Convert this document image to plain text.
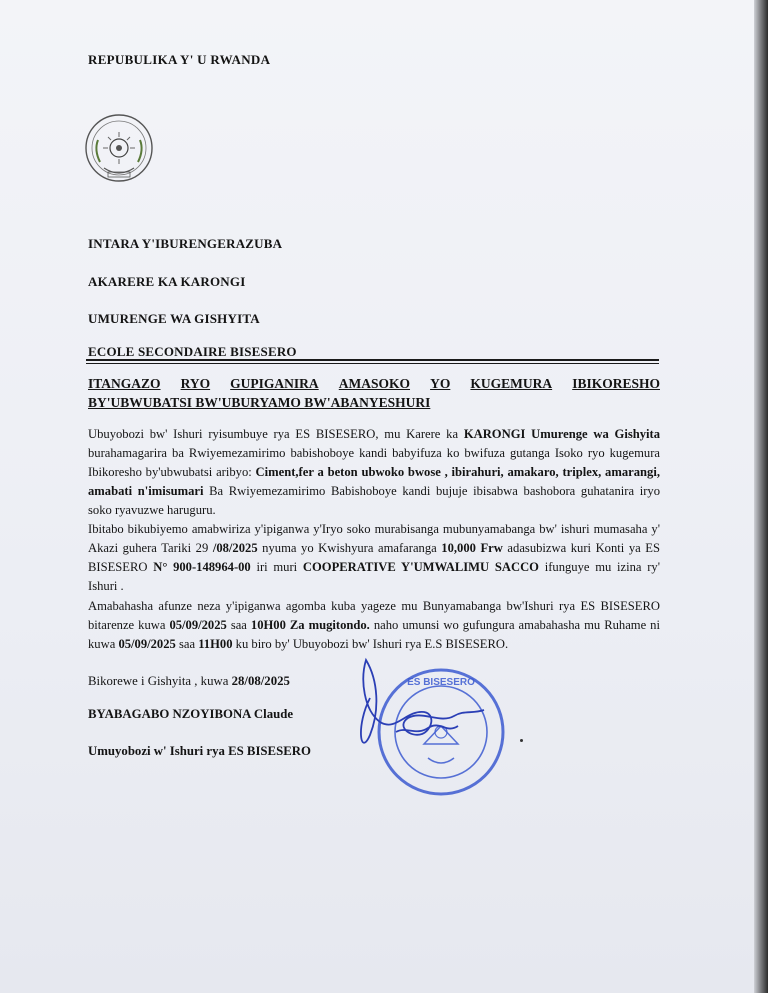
REPUBULIKA Y' U RWANDA
INTARA Y'IBURENGERAZUBA
AKARERE KA KARONGI
UMURENGE WA GISHYITA
ECOLE SECONDAIRE BISESERO
ITANGAZO RYO GUPIGANIRA AMASOKO YO KUGEMURA IBIKORESHO
BY'UBWUBATSI BW'UBURYAMO BW'ABANYESHURI
Ubuyobozi bw' Ishuri ryisumbuye rya ES BISESERO, mu Karere ka KARONGI Umurenge wa Gishyita burahamagarira ba Rwiyemezamirimo babishoboye kandi babyifuza ko bwifuza gutanga Isoko ryo kugemura Ibikoresho by'ubwubatsi aribyo: Ciment,fer a beton ubwoko bwose , ibirahuri, amakaro, triplex, amarangi, amabati n'imisumari Ba Rwiyemezamirimo Babishoboye kandi bujuje ibisabwa bashobora guhatanira iryo soko ryavuzwe haruguru.
Ibitabo bikubiyemo amabwiriza y'ipiganwa y'Iryo soko murabisanga mubunyamabanga bw' ishuri mumasaha y' Akazi guhera Tariki 29 /08/2025 nyuma yo Kwishyura amafaranga 10,000 Frw adasubizwa kuri Konti ya ES BISESERO N° 900-148964-00 iri muri COOPERATIVE Y'UMWALIMU SACCO ifunguye mu izina ry' Ishuri .
Amabahasha afunze neza y'ipiganwa agomba kuba yageze mu Bunyamabanga bw'Ishuri rya ES BISESERO bitarenze kuwa 05/09/2025 saa 10H00 Za mugitondo. naho umunsi wo gufungura amabahasha mu Ruhame ni kuwa 05/09/2025 saa 11H00 ku biro by' Ubuyobozi bw' Ishuri rya E.S BISESERO.
Bikorewe i Gishyita , kuwa 28/08/2025
BYABAGABO NZOYIBONA Claude
Umuyobozi w' Ishuri rya ES BISESERO
ES BISESERO
